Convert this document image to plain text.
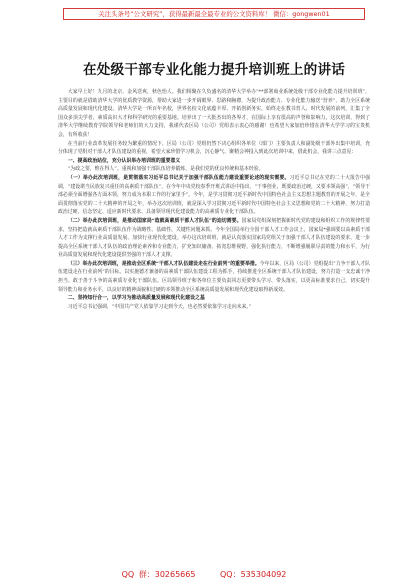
关注头条号“公文研究”，获得最新最全最专业的公文资料库！ 微信：gongwen01
在处级干部专业化能力提升培训班上的讲话

大家早上好！九月的北京，金风送爽，秋色怡人。我们相聚在久负盛名的清华大学举办“**部署商业系统处级干部专业化能力提升培训班”，主要目的就是借助清华大学的优质教学资源，帮助大家进一步开阔眼界、思路和胸襟，为提升政治能力、专业化能力输送“营养”，助力全区系统高质量发展和现代化建设。清华大学是一所百年名校，世界名校文化底蕴丰厚，开拓创新务实，始终走在教书育人、时代发展的前列，汇集了全国众多顶尖学者，素质高识大才和科学研究的重要基地。培养出了一大批杰出的各界才，在国际上享有很高的声誉和影响力。这次培训，得到了清华大学继续教育学院领导和老师们的大力支持，我谨代表区局（公司）党组表示衷心的感谢！也希望大家加倍珍惜在清华大学学习的宝贵机会，有所收获！

在当前行业改革发展任务较为繁重的情况下，区局（公司）党组仍然下决心组织各单位（部门）主要负责人和副处级干部外出集中培训，充分体现了党组对干部人才队伍建设的重视，希望大家珍惜学习机会，沉心静气、聚精会神投入到此次培训中来，借此机会，我讲三点意见：

一、提高政治站位，充分认识举办培训班的重要意义

“为政之要，惟在得人”。重视和加强干部队伍培养锻炼，是我们党的优良传统和基本经验。

（一）举办此次培训班，是贯彻落实习近平总书记关于加强干部队伍能力建设重要论述的现实需要。习近平总书记在党的二十大报告中强调，“建设堪当民族复兴重任的高素质干部队伍”，在今年中央党校春季开班式讲话中指出，“干事创业，既要政治过硬，又要本领高强”，“领导干部必须全面增强各方面本领，努力成为本职工作的行家里手”。今年，是学习贯彻习近平新时代中国特色社会主义思想主题教育的开展之年，是全面贯彻落实党的二十大精神的开局之年，举办这次培训班，就是深入学习贯彻习近平新时代中国特色社会主义思想和党的二十大精神，努力打造政治过硬、信念坚定、适应新时代要求、具备领导现代化建设能力的高素质专业化干部队伍。

（二）举办此次培训班，是推动国家局“造就高素质干部人才队伍”的迫切需要。国家局党组深刻把握新时代党的建设和组织工作的规律性要求，坚持把造就高素质干部队伍作为战略性、基础性、关键性问题来抓。今年全国局举行全国干部人才工作会议上，国家局*强调要以高素质干部人才工作为支撑行业高质量发展、加快行业现代化建设。举办这次培训班，就是认真落实国家局党组关于加强干部人才队伍建设的要求，进一步提高全区系统干部人才队伍的政治理论素养和专业能力，扩充知识储备，拓宽思维视野，强化执行能力，不断增强履职尽责的能力和水平，为行业高质量发展和现代化建设提供坚强的干部人才支撑。

（三）举办此次培训班，是推动全区系统“干部人才队伍建设走在行业前列”的重要举措。今年以来，区局（公司）党组提出“力争干部人才队伍建设走在行业前列”的目标。以实施德才兼备的高素质干部队伍建设工程为抓手，持续推进全区系统干部人才队伍建设，努力打造一支忠诚干净担当、敢于善于斗争的高素质专业化干部队伍。区局领导班子和各单位主要负责同志更要带头学习、带头落实，以更高标准要求自己，切实提升领导能力和业务水平，以良好的精神面貌和过硬的本领推动全区系统高质量发展和现代化建设取得新成效。

二、坚持知行合一，以学习为推动高质量发展和现代化建设之基

习近平总书记强调，“中国共产党人依靠学习走到今天，也必然要依靠学习走向未来。”

QQ 群：30265665	QQ：535304092
